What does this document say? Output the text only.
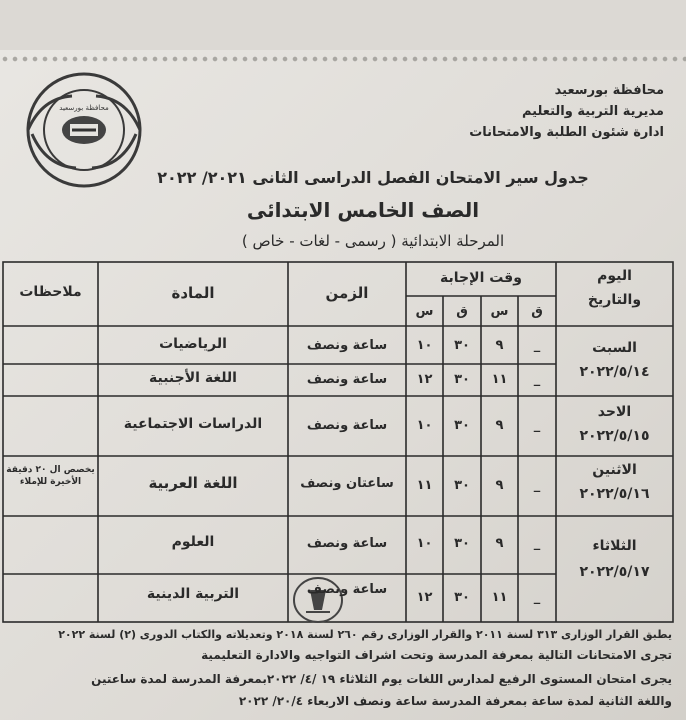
محافظة بورسعيد
محافظة بورسعيد
مديرية التربية والتعليم
ادارة شئون الطلبة والامتحانات
جدول سير الامتحان الفصل الدراسى الثانى ٢٠٢١/ ٢٠٢٢
الصف الخامس الابتدائى
المرحلة الابتدائية ( رسمى - لغات - خاص )
اليوم
والتاريخ
وقت الإجابة
ق
س
ق
س
الزمن
المادة
ملاحظات
السبت
٢٠٢٢/٥/١٤
الاحد
٢٠٢٢/٥/١٥
الاثنين
٢٠٢٢/٥/١٦
الثلاثاء
٢٠٢٢/٥/١٧
_
٩
٣٠
١٠
ساعة ونصف
الرياضيات
_
١١
٣٠
١٢
ساعة ونصف
اللغة الأجنبية
_
٩
٣٠
١٠
ساعة ونصف
الدراسات الاجتماعية
_
٩
٣٠
١١
ساعتان ونصف
اللغة العربية
يخصص ال ٢٠ دقيقة الأخيرة للإملاء
_
٩
٣٠
١٠
ساعة ونصف
العلوم
_
١١
٣٠
١٢
ساعة ونصف
التربية الدينية
يطبق القرار الوزارى ٣١٣ لسنة ٢٠١١ والقرار الوزارى رقم ٢٦٠ لسنة ٢٠١٨ وتعديلاته والكتاب الدورى (٢) لسنة ٢٠٢٢
تجرى الامتحانات التالية بمعرفة المدرسة وتحت اشراف التواجيه والادارة التعليمية
يجرى امتحان المستوى الرفيع لمدارس اللغات يوم الثلاثاء ١٩ /٤/ ٢٠٢٢بمعرفة المدرسة لمدة ساعتين
واللغة الثانية لمدة ساعة بمعرفة المدرسة ساعة ونصف الاربعاء ٢٠/٤/ ٢٠٢٢
